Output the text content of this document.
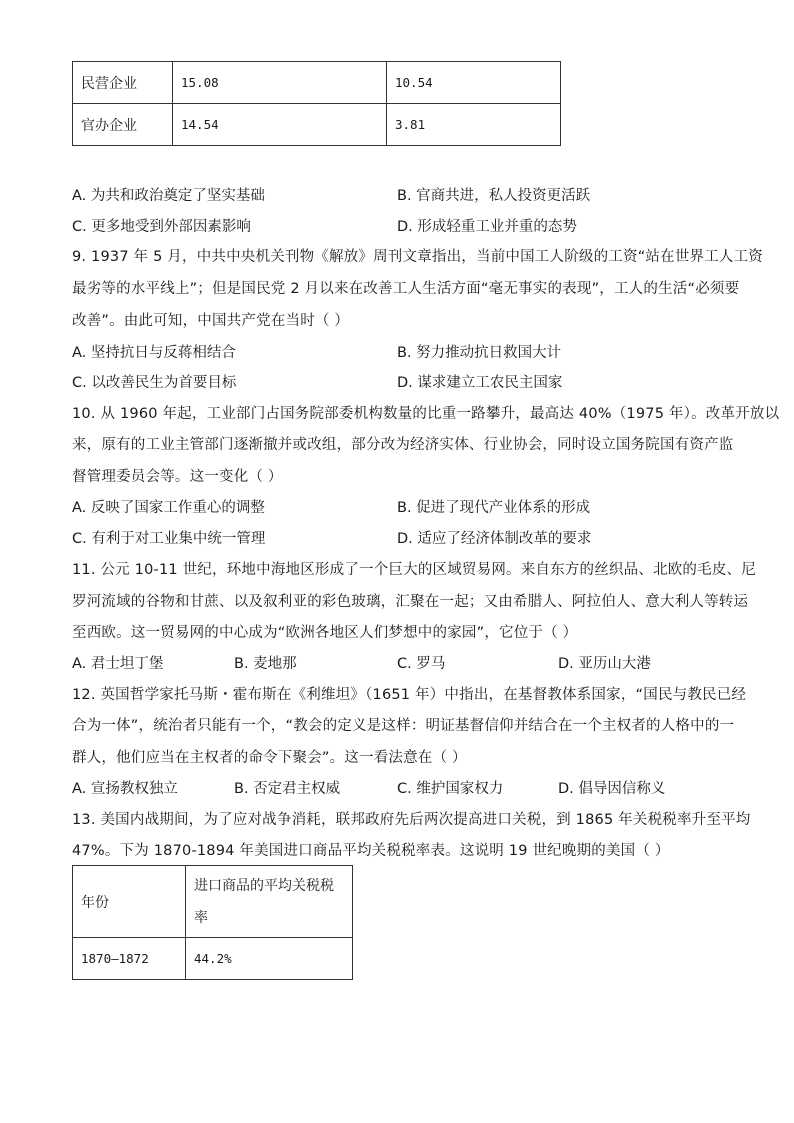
民营企业	15.08	10.54
官办企业	14.54	3.81
A. 为共和政治奠定了坚实基础	B. 官商共进，私人投资更活跃
C. 更多地受到外部因素影响	D. 形成轻重工业并重的态势
9. 1937 年 5 月，中共中央机关刊物《解放》周刊文章指出，当前中国工人阶级的工资“站在世界工人工资
最劣等的水平线上”；但是国民党 2 月以来在改善工人生活方面“毫无事实的表现”，工人的生活“必须要
改善”。由此可知，中国共产党在当时（ ）
A. 坚持抗日与反蒋相结合	B. 努力推动抗日救国大计
C. 以改善民生为首要目标	D. 谋求建立工农民主国家
10. 从 1960 年起，工业部门占国务院部委机构数量的比重一路攀升，最高达 40%（1975 年）。改革开放以
来，原有的工业主管部门逐渐撤并或改组，部分改为经济实体、行业协会，同时设立国务院国有资产监
督管理委员会等。这一变化（ ）
A. 反映了国家工作重心的调整	B. 促进了现代产业体系的形成
C. 有利于对工业集中统一管理	D. 适应了经济体制改革的要求
11. 公元 10-11 世纪，环地中海地区形成了一个巨大的区域贸易网。来自东方的丝织品、北欧的毛皮、尼
罗河流域的谷物和甘蔗、以及叙利亚的彩色玻璃，汇聚在一起；又由希腊人、阿拉伯人、意大利人等转运
至西欧。这一贸易网的中心成为“欧洲各地区人们梦想中的家园”，它位于（ ）
A. 君士坦丁堡	B. 麦地那	C. 罗马	D. 亚历山大港
12. 英国哲学家托马斯・霍布斯在《利维坦》（1651 年）中指出，在基督教体系国家，“国民与教民已经
合为一体”，统治者只能有一个，“教会的定义是这样：明证基督信仰并结合在一个主权者的人格中的一
群人，他们应当在主权者的命令下聚会”。这一看法意在（ ）
A. 宣扬教权独立	B. 否定君主权威	C. 维护国家权力	D. 倡导因信称义
13. 美国内战期间，为了应对战争消耗，联邦政府先后两次提高进口关税，到 1865 年关税税率升至平均
47%。下为 1870-1894 年美国进口商品平均关税税率表。这说明 19 世纪晚期的美国（ ）
年份	进口商品的平均关税税率
1870—1872	44.2%
